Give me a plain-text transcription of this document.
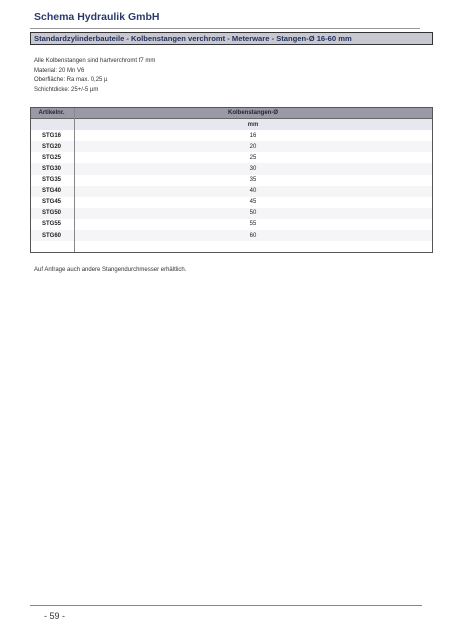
Schema Hydraulik GmbH
Standardzylinderbauteile - Kolbenstangen verchromt - Meterware - Stangen-Ø 16-60 mm
Alle Kolbenstangen sind hartverchromt f7 mm
Material: 20 Mn V6
Oberfläche: Ra max. 0,25 µ
Schichtdicke: 25+/-5 µm
Artikelnr.	Kolbenstangen-Ø
	mm
STG16	16
STG20	20
STG25	25
STG30	30
STG35	35
STG40	40
STG45	45
STG50	50
STG55	55
STG60	60
Auf Anfrage auch andere Stangendurchmesser erhältlich.
- 59 -
